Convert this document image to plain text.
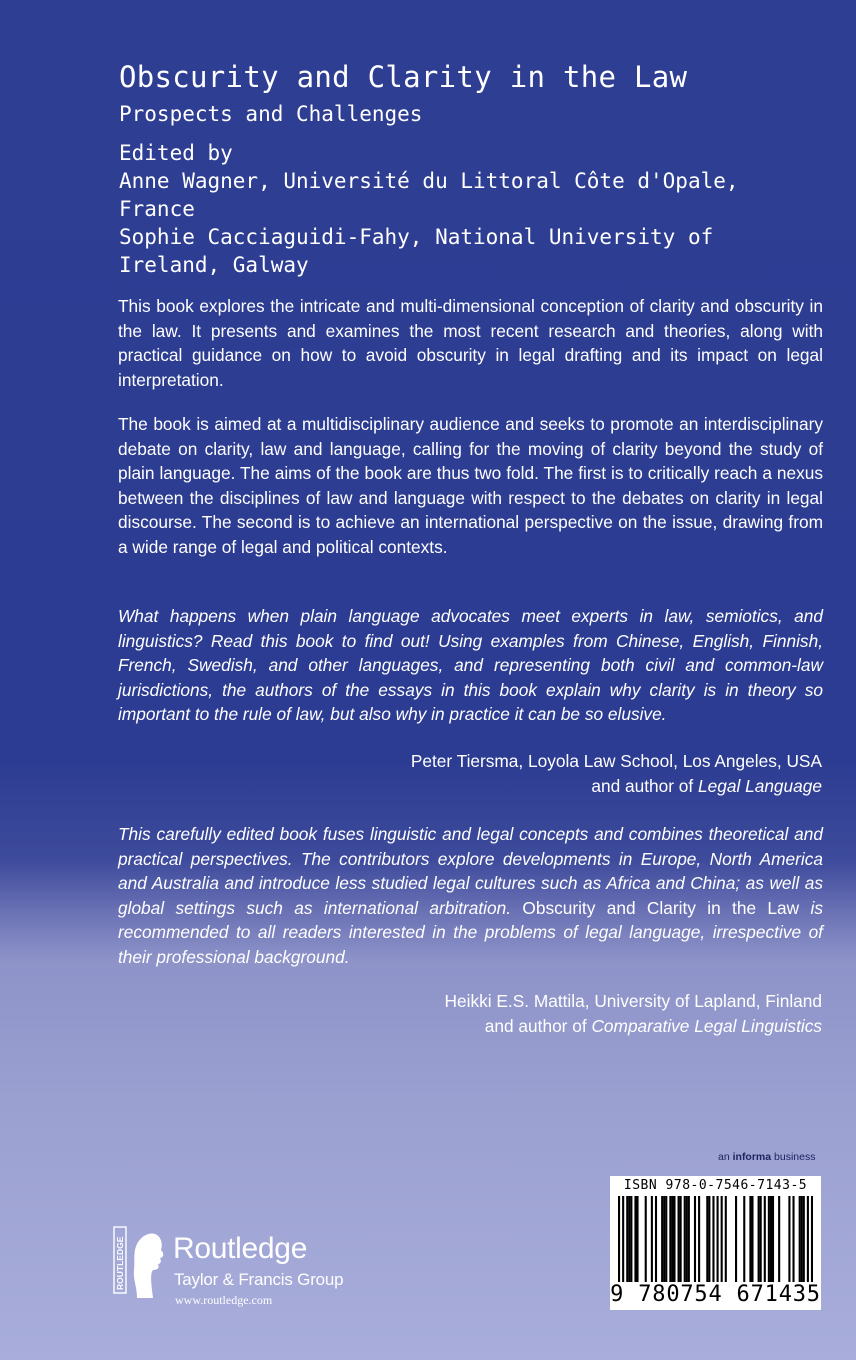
Obscurity and Clarity in the Law
Prospects and Challenges
Edited by
Anne Wagner, Université du Littoral Côte d'Opale,
France
Sophie Cacciaguidi-Fahy, National University of
Ireland, Galway

This book explores the intricate and multi-dimensional conception of clarity and obscurity in the law. It presents and examines the most recent research and theories, along with practical guidance on how to avoid obscurity in legal drafting and its impact on legal interpretation.

The book is aimed at a multidisciplinary audience and seeks to promote an interdisciplinary debate on clarity, law and language, calling for the moving of clarity beyond the study of plain language. The aims of the book are thus two fold. The first is to critically reach a nexus between the disciplines of law and language with respect to the debates on clarity in legal discourse. The second is to achieve an international perspective on the issue, drawing from a wide range of legal and political contexts.

What happens when plain language advocates meet experts in law, semiotics, and linguistics? Read this book to find out! Using examples from Chinese, English, Finnish, French, Swedish, and other languages, and representing both civil and common-law jurisdictions, the authors of the essays in this book explain why clarity is in theory so important to the rule of law, but also why in practice it can be so elusive.

Peter Tiersma, Loyola Law School, Los Angeles, USA
and author of Legal Language

This carefully edited book fuses linguistic and legal concepts and combines theoretical and practical perspectives. The contributors explore developments in Europe, North America and Australia and introduce less studied legal cultures such as Africa and China; as well as global settings such as international arbitration. Obscurity and Clarity in the Law is recommended to all readers interested in the problems of legal language, irrespective of their professional background.

Heikki E.S. Mattila, University of Lapland, Finland
and author of Comparative Legal Linguistics
an informa business
ISBN 978-0-7546-7143-5
9 780754 671435
ROUTLEDGE Routledge
Taylor & Francis Group
www.routledge.com
